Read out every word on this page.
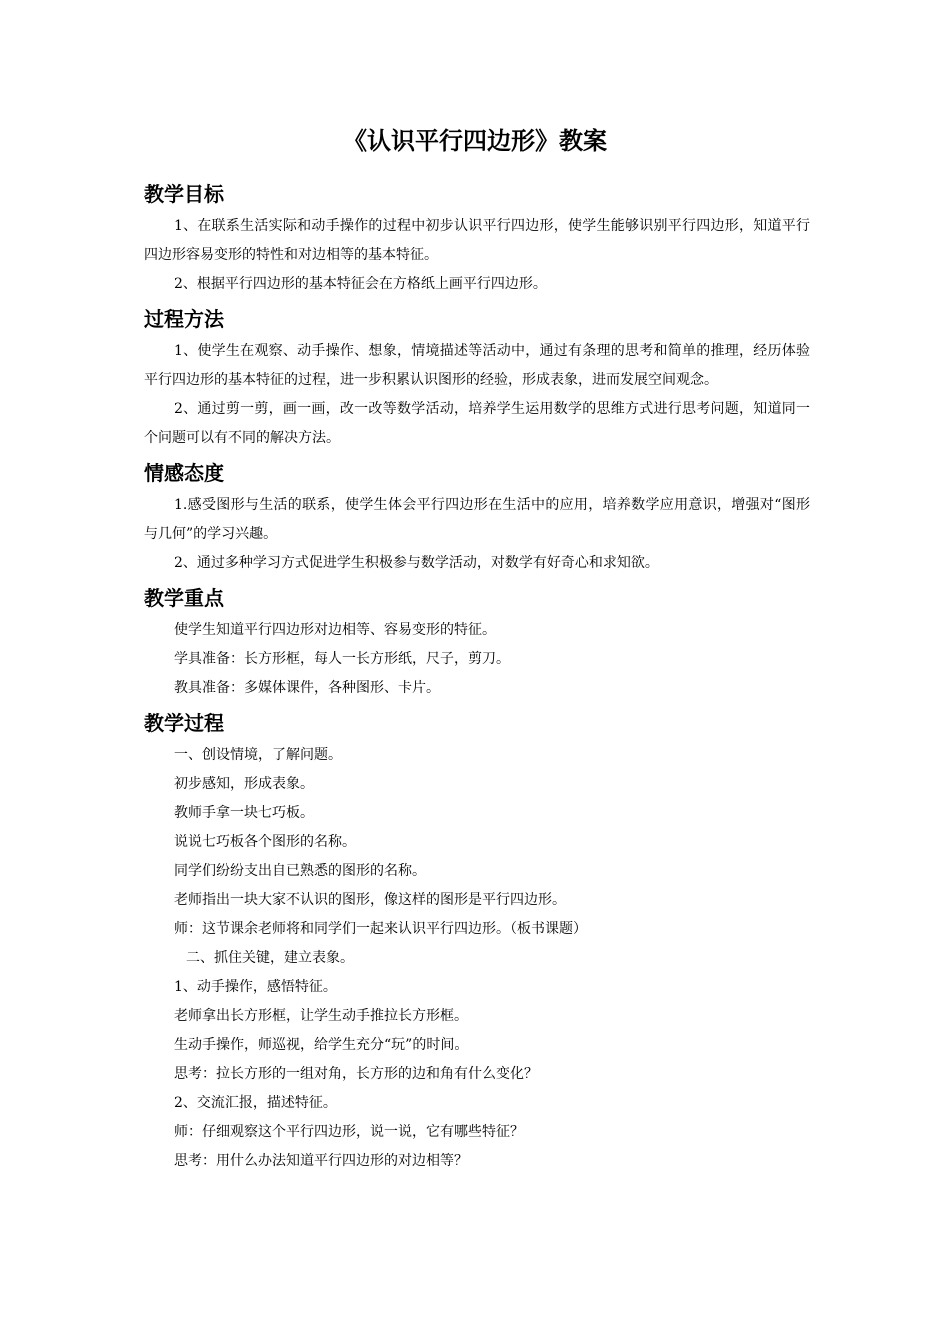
《认识平行四边形》教案
教学目标

1、在联系生活实际和动手操作的过程中初步认识平行四边形，使学生能够识别平行四边形，知道平行四边形容易变形的特性和对边相等的基本特征。

2、根据平行四边形的基本特征会在方格纸上画平行四边形。

过程方法

1、使学生在观察、动手操作、想象，情境描述等活动中，通过有条理的思考和简单的推理，经历体验平行四边形的基本特征的过程，进一步积累认识图形的经验，形成表象，进而发展空间观念。

2、通过剪一剪，画一画，改一改等数学活动，培养学生运用数学的思维方式进行思考问题，知道同一个问题可以有不同的解决方法。

情感态度

1.感受图形与生活的联系，使学生体会平行四边形在生活中的应用，培养数学应用意识，增强对“图形与几何”的学习兴趣。

2、通过多种学习方式促进学生积极参与数学活动，对数学有好奇心和求知欲。

教学重点

使学生知道平行四边形对边相等、容易变形的特征。

学具准备：长方形框，每人一长方形纸，尺子，剪刀。

教具准备：多媒体课件，各种图形、卡片。

教学过程

一、创设情境，了解问题。

初步感知，形成表象。

教师手拿一块七巧板。

说说七巧板各个图形的名称。

同学们纷纷支出自已熟悉的图形的名称。

老师指出一块大家不认识的图形，像这样的图形是平行四边形。

师：这节课余老师将和同学们一起来认识平行四边形。（板书课题）

二、抓住关键，建立表象。

1、动手操作，感悟特征。

老师拿出长方形框，让学生动手推拉长方形框。

生动手操作，师巡视，给学生充分“玩”的时间。

思考：拉长方形的一组对角，长方形的边和角有什么变化？

2、交流汇报，描述特征。

师：仔细观察这个平行四边形，说一说，它有哪些特征？

思考：用什么办法知道平行四边形的对边相等？
